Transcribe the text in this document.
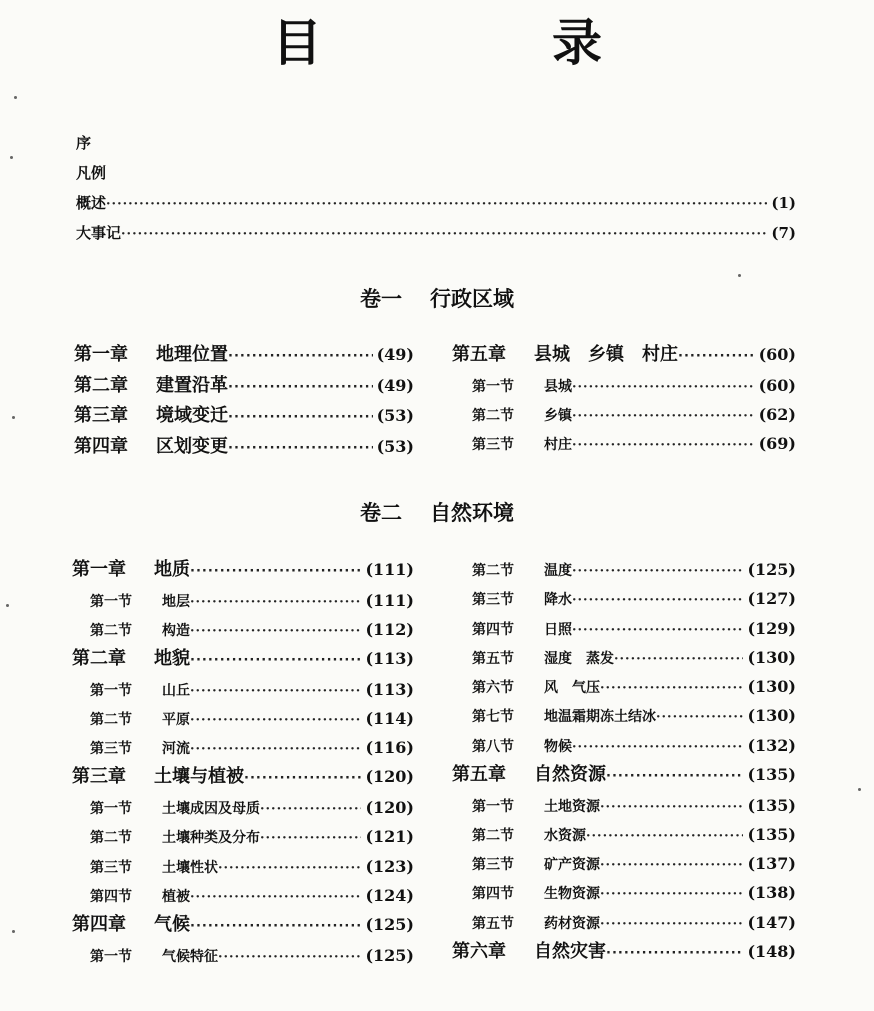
目　录
序
凡例
概述 ·····	(1)
大事记 ·····	(7)
卷一 行政区域
第一章	地理位置 ·····	(49)
第二章	建置沿革 ·····	(49)
第三章	境域变迁 ·····	(53)
第四章	区划变更 ·····	(53)
第五章	县城　乡镇　村庄 ·····	(60)
第一节	县城 ·····	(60)
第二节	乡镇 ·····	(62)
第三节	村庄 ·····	(69)
卷二 自然环境
第一章	地质 ·····	(111)
第一节	地层 ·····	(111)
第二节	构造 ·····	(112)
第二章	地貌 ·····	(113)
第一节	山丘 ·····	(113)
第二节	平原 ·····	(114)
第三节	河流 ·····	(116)
第三章	土壤与植被 ·····	(120)
第一节	土壤成因及母质 ·····	(120)
第二节	土壤种类及分布 ·····	(121)
第三节	土壤性状 ·····	(123)
第四节	植被 ·····	(124)
第四章	气候 ·····	(125)
第一节	气候特征 ·····	(125)
第二节	温度 ·····	(125)
第三节	降水 ·····	(127)
第四节	日照 ·····	(129)
第五节	湿度　蒸发 ·····	(130)
第六节	风　气压 ·····	(130)
第七节	地温霜期冻土结冰 ·····	(130)
第八节	物候 ·····	(132)
第五章	自然资源 ·····	(135)
第一节	土地资源 ·····	(135)
第二节	水资源 ·····	(135)
第三节	矿产资源 ·····	(137)
第四节	生物资源 ·····	(138)
第五节	药材资源 ·····	(147)
第六章	自然灾害 ·····	(148)
